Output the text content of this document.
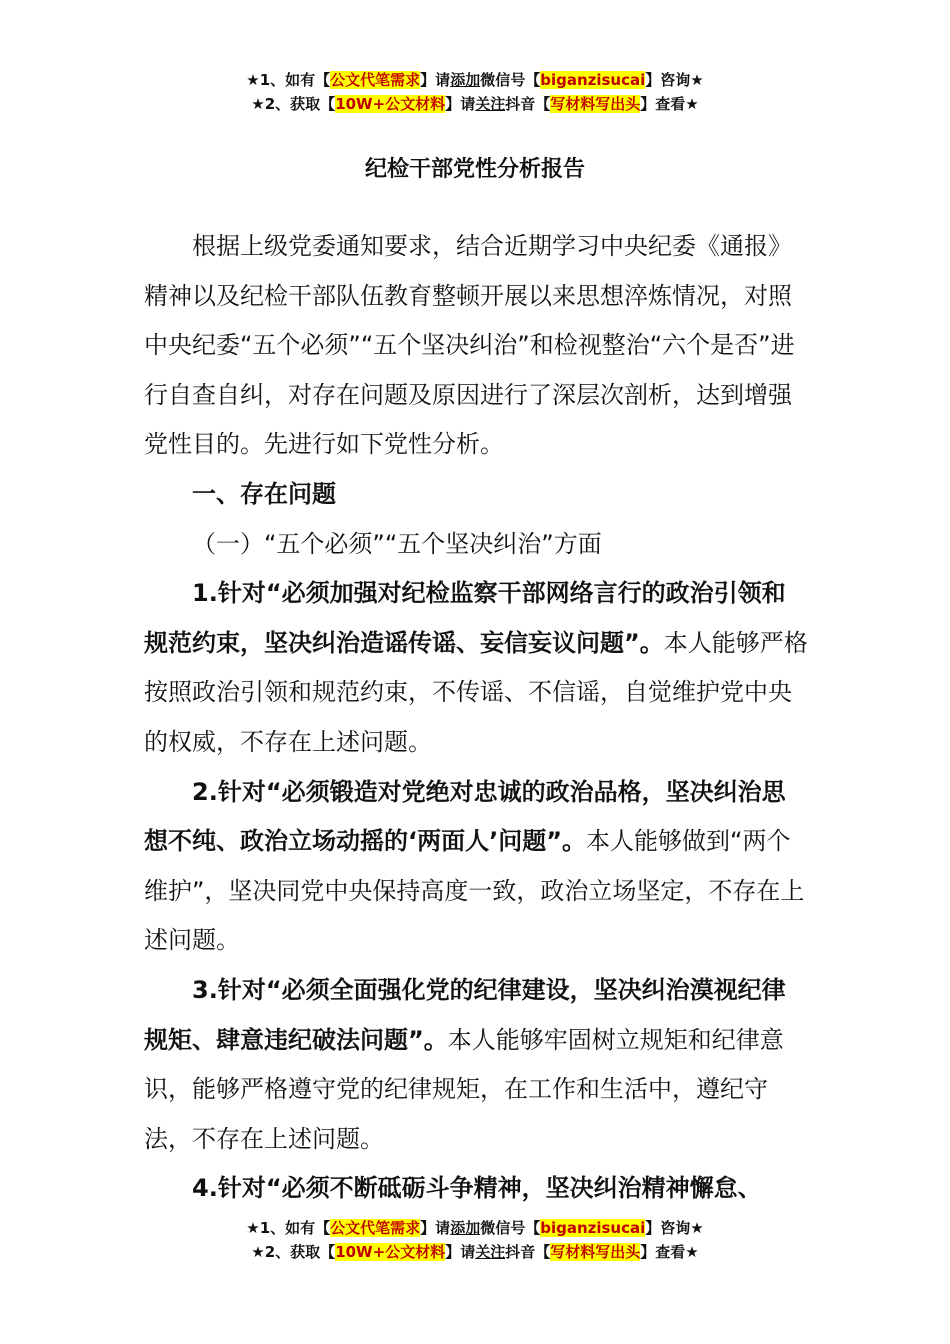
★1、如有【公文代笔需求】请添加微信号【biganzisucai】咨询★
★2、获取【10W+公文材料】请关注抖音【写材料写出头】查看★
纪检干部党性分析报告

根据上级党委通知要求，结合近期学习中央纪委《通报》精神以及纪检干部队伍教育整顿开展以来思想淬炼情况，对照中央纪委“五个必须”“五个坚决纠治”和检视整治“六个是否”进行自查自纠，对存在问题及原因进行了深层次剖析，达到增强党性目的。先进行如下党性分析。

一、存在问题

（一）“五个必须”“五个坚决纠治”方面

1.针对“必须加强对纪检监察干部网络言行的政治引领和规范约束，坚决纠治造谣传谣、妄信妄议问题”。本人能够严格按照政治引领和规范约束，不传谣、不信谣，自觉维护党中央的权威，不存在上述问题。

2.针对“必须锻造对党绝对忠诚的政治品格，坚决纠治思想不纯、政治立场动摇的‘两面人’问题”。本人能够做到“两个维护”，坚决同党中央保持高度一致，政治立场坚定，不存在上述问题。

3.针对“必须全面强化党的纪律建设，坚决纠治漠视纪律规矩、肆意违纪破法问题”。本人能够牢固树立规矩和纪律意识，能够严格遵守党的纪律规矩，在工作和生活中，遵纪守法，不存在上述问题。

4.针对“必须不断砥砺斗争精神，坚决纠治精神懈怠、

★1、如有【公文代笔需求】请添加微信号【biganzisucai】咨询★
★2、获取【10W+公文材料】请关注抖音【写材料写出头】查看★
